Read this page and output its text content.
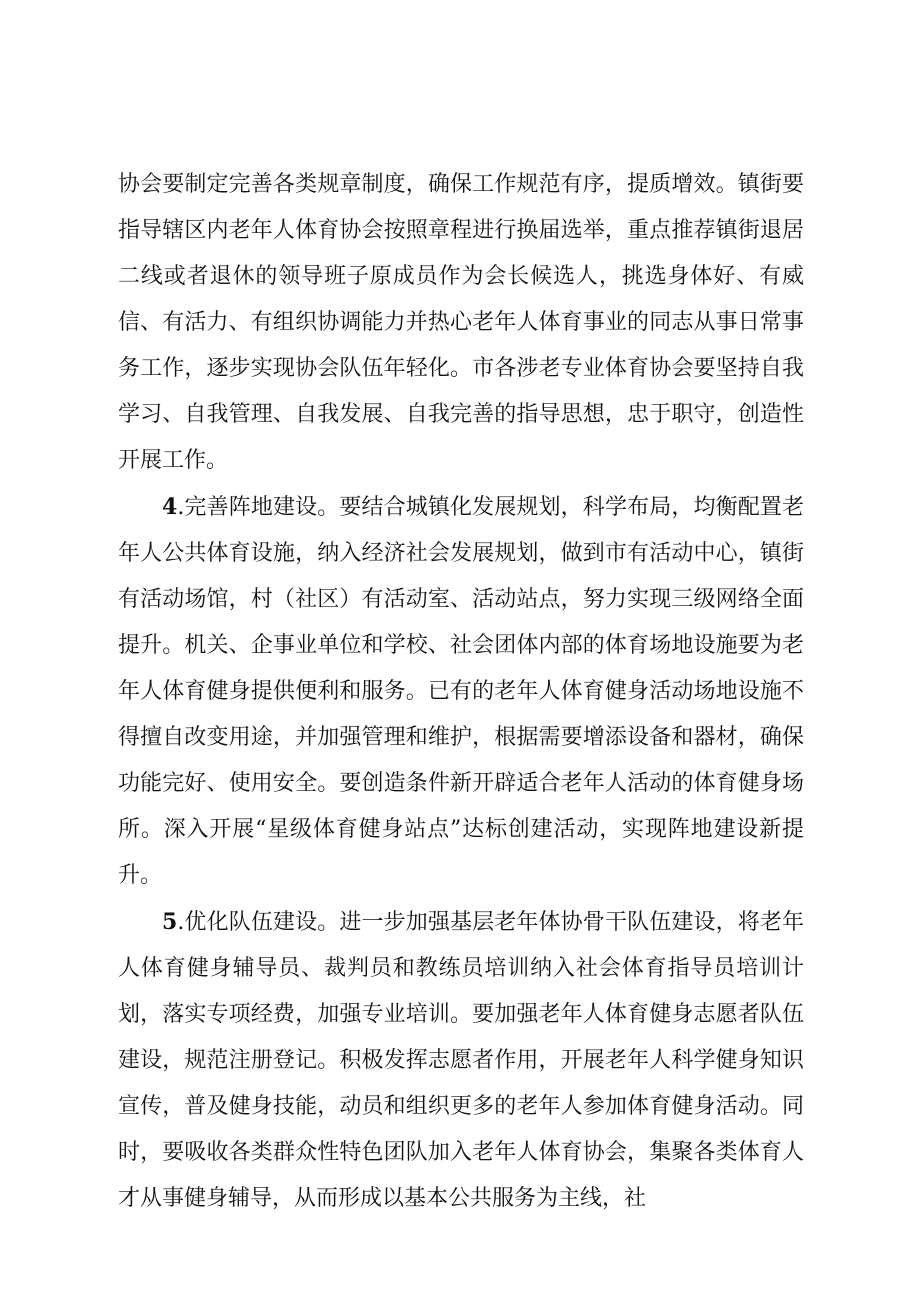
协会要制定完善各类规章制度，确保工作规范有序，提质增效。镇街要指导辖区内老年人体育协会按照章程进行换届选举，重点推荐镇街退居二线或者退休的领导班子原成员作为会长候选人，挑选身体好、有威信、有活力、有组织协调能力并热心老年人体育事业的同志从事日常事务工作，逐步实现协会队伍年轻化。市各涉老专业体育协会要坚持自我学习、自我管理、自我发展、自我完善的指导思想，忠于职守，创造性开展工作。

4.完善阵地建设。要结合城镇化发展规划，科学布局，均衡配置老年人公共体育设施，纳入经济社会发展规划，做到市有活动中心，镇街有活动场馆，村（社区）有活动室、活动站点，努力实现三级网络全面提升。机关、企事业单位和学校、社会团体内部的体育场地设施要为老年人体育健身提供便利和服务。已有的老年人体育健身活动场地设施不得擅自改变用途，并加强管理和维护，根据需要增添设备和器材，确保功能完好、使用安全。要创造条件新开辟适合老年人活动的体育健身场所。深入开展“星级体育健身站点”达标创建活动，实现阵地建设新提升。

5.优化队伍建设。进一步加强基层老年体协骨干队伍建设，将老年人体育健身辅导员、裁判员和教练员培训纳入社会体育指导员培训计划，落实专项经费，加强专业培训。要加强老年人体育健身志愿者队伍建设，规范注册登记。积极发挥志愿者作用，开展老年人科学健身知识宣传，普及健身技能，动员和组织更多的老年人参加体育健身活动。同时，要吸收各类群众性特色团队加入老年人体育协会，集聚各类体育人才从事健身辅导，从而形成以基本公共服务为主线，社
